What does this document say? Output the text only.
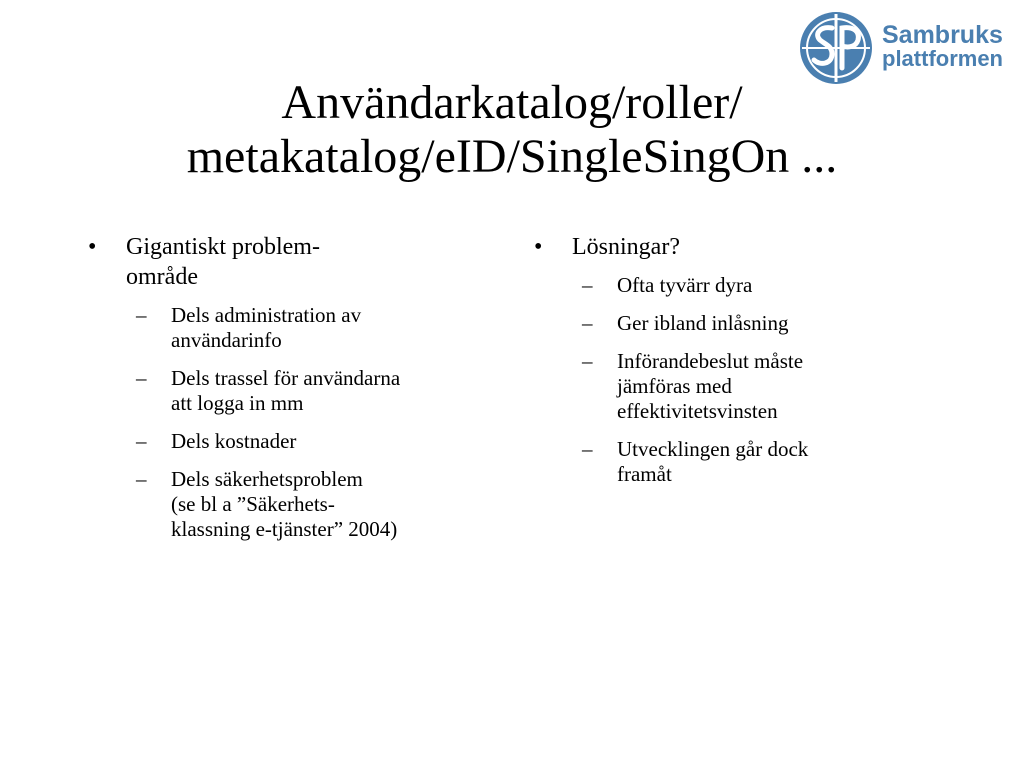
Sambruks
plattformen
Användarkatalog/roller/
metakatalog/eID/SingleSingOn ...
• Gigantiskt problem-
område
– Dels administration av
användarinfo
– Dels trassel för användarna
att logga in mm
– Dels kostnader
– Dels säkerhetsproblem
(se bl a ”Säkerhets-
klassning e-tjänster” 2004)
• Lösningar?
– Ofta tyvärr dyra
– Ger ibland inlåsning
– Införandebeslut måste
jämföras med
effektivitetsvinsten
– Utvecklingen går dock
framåt
